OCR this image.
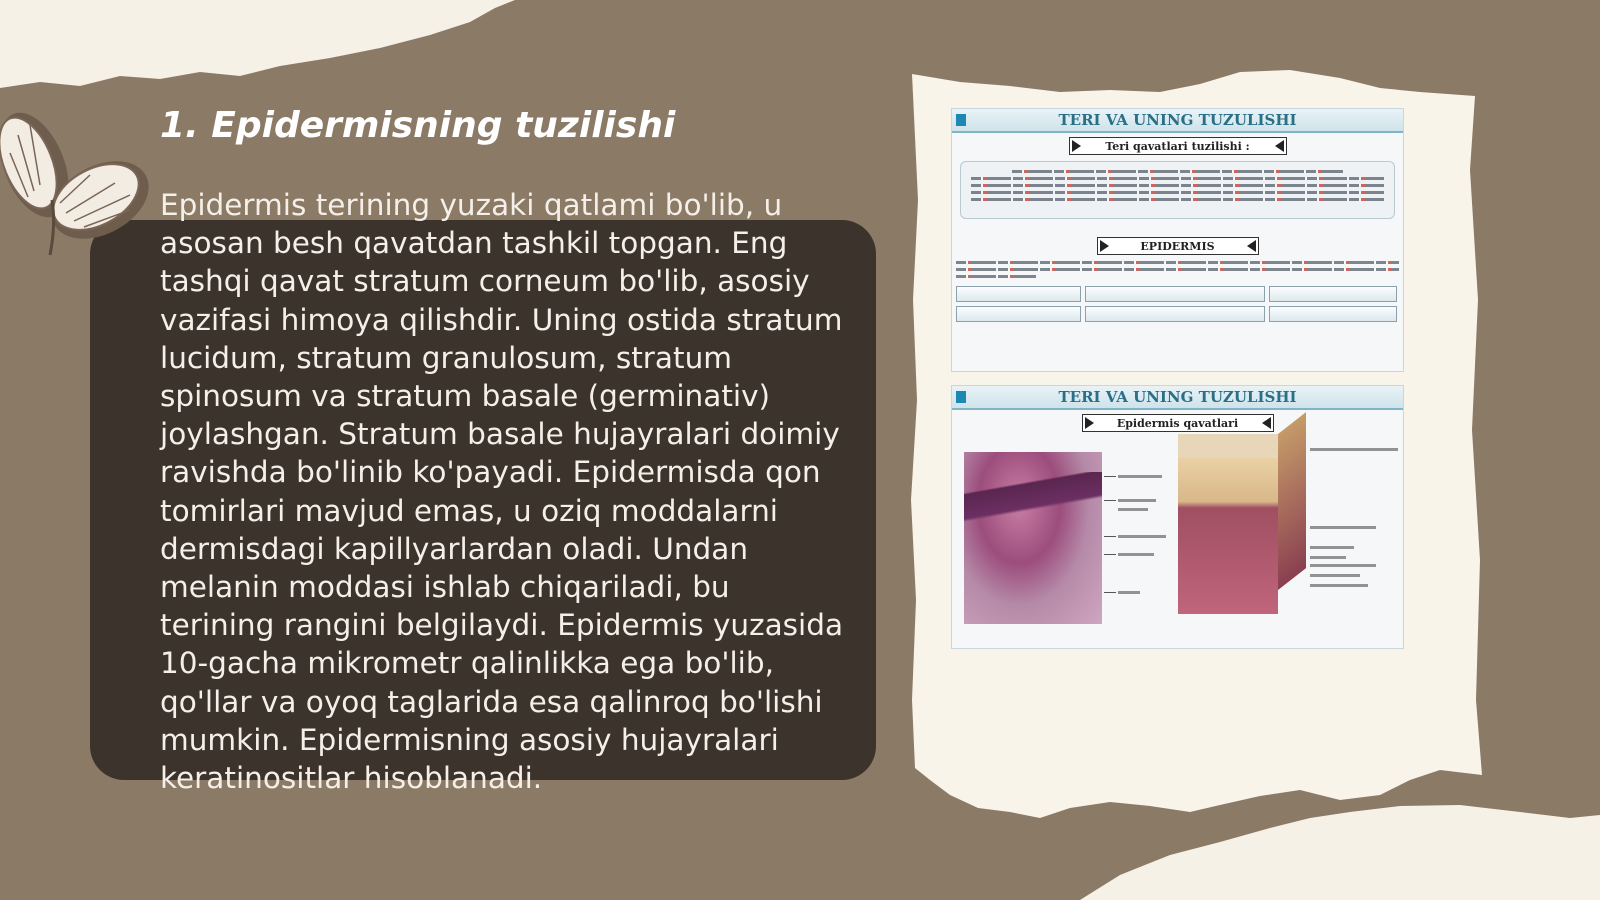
1. Epidermisning tuzilishi

Epidermis terining yuzaki qatlami bo'lib, u asosan besh qavatdan tashkil topgan. Eng tashqi qavat stratum corneum bo'lib, asosiy vazifasi himoya qilishdir. Uning ostida stratum lucidum, stratum granulosum, stratum spinosum va stratum basale (germinativ) joylashgan. Stratum basale hujayralari doimiy ravishda bo'linib ko'payadi. Epidermisda qon tomirlari mavjud emas, u oziq moddalarni dermisdagi kapillyarlardan oladi. Undan melanin moddasi ishlab chiqariladi, bu terining rangini belgilaydi. Epidermis yuzasida 10-gacha mikrometr qalinlikka ega bo'lib, qo'llar va oyoq taglarida esa qalinroq bo'lishi mumkin. Epidermisning asosiy hujayralari keratinositlar hisoblanadi.

TERI VA UNING TUZULISHI
Teri qavatlari tuzilishi :
EPIDERMIS
TERI VA UNING TUZULISHI
Epidermis qavatlari
